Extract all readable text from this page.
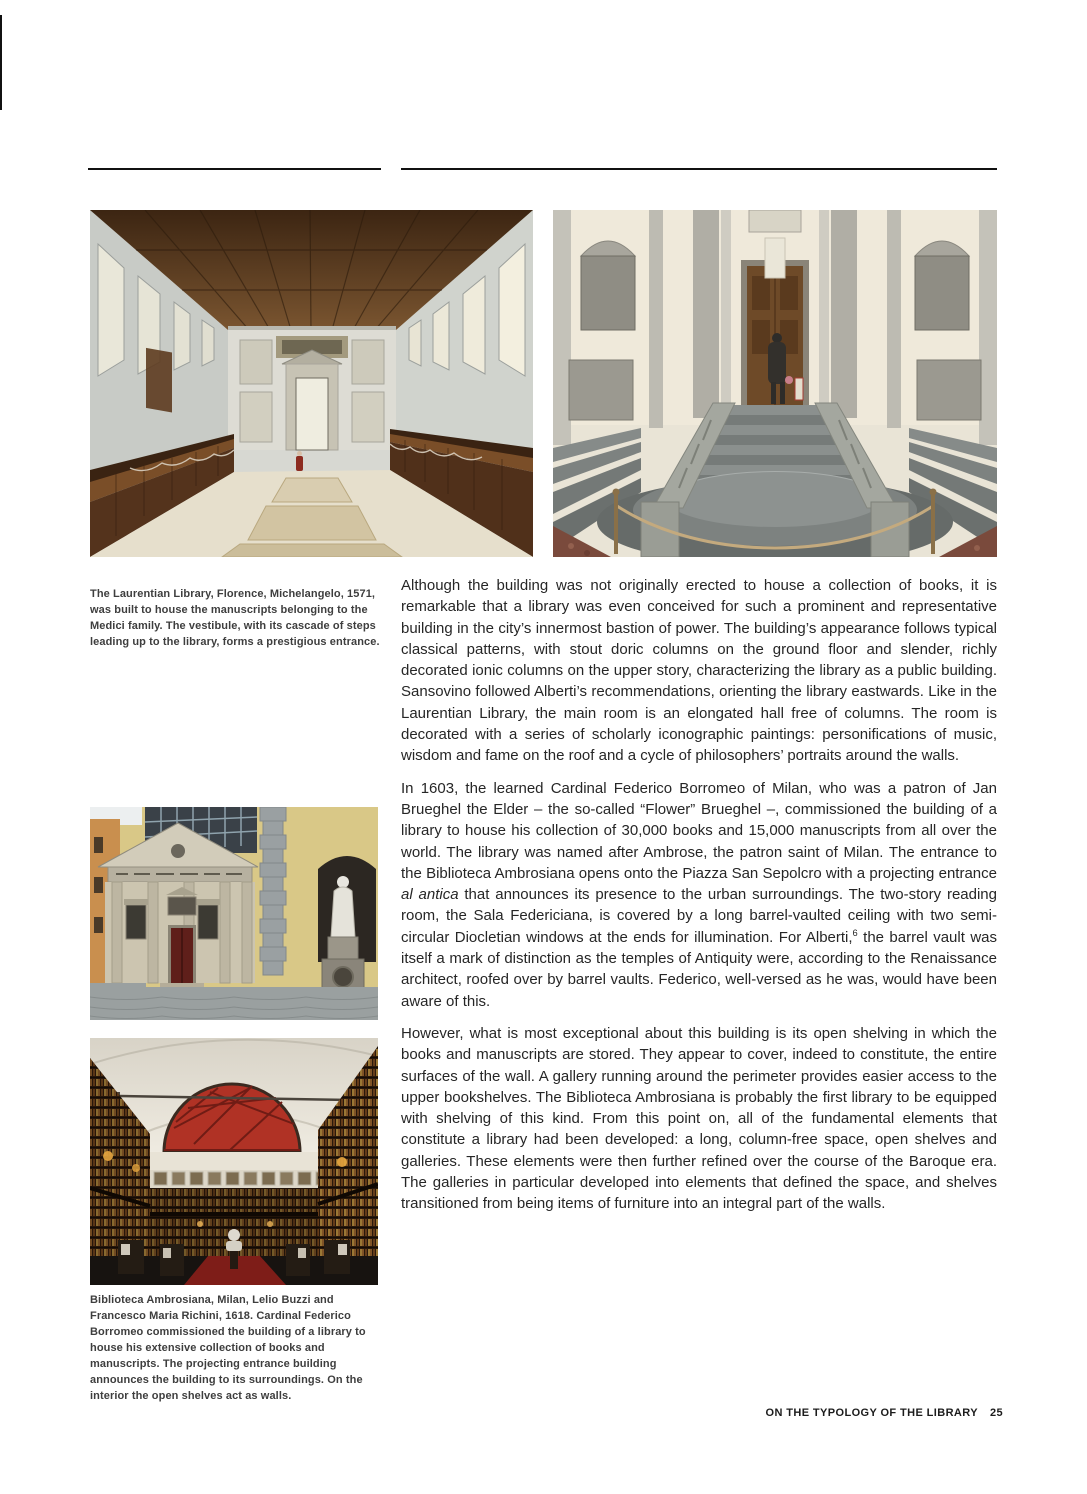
The Laurentian Library, Florence, Michelangelo, 1571, was built to house the manuscripts belonging to the Medici family. The vestibule, with its cascade of steps leading up to the library, forms a prestigious entrance.

Although the building was not originally erected to house a collection of books, it is remarkable that a library was even conceived for such a prominent and representative building in the city’s innermost bastion of power. The building’s appearance follows typical classical patterns, with stout doric columns on the ground floor and slender, richly decorated ionic columns on the upper story, characterizing the library as a public building. Sansovino followed Alberti’s recommendations, orienting the library eastwards. Like in the Laurentian Library, the main room is an elongated hall free of columns. The room is decorated with a series of scholarly iconographic paintings: personifications of music, wisdom and fame on the roof and a cycle of philosophers’ portraits around the walls.

In 1603, the learned Cardinal Federico Borromeo of Milan, who was a patron of Jan Brueghel the Elder – the so-called “Flower” Brueghel –, commissioned the building of a library to house his collection of 30,000 books and 15,000 manuscripts from all over the world. The library was named after Ambrose, the patron saint of Milan. The entrance to the Biblioteca Ambrosiana opens onto the Piazza San Sepolcro with a projecting entrance al antica that announces its presence to the urban surroundings. The two-story reading room, the Sala Federiciana, is covered by a long barrel-vaulted ceiling with two semi-circular Diocletian windows at the ends for illumination. For Alberti,$^6$ the barrel vault was itself a mark of distinction as the temples of Antiquity were, according to the Renaissance architect, roofed over by barrel vaults. Federico, well-versed as he was, would have been aware of this.

However, what is most exceptional about this building is its open shelving in which the books and manuscripts are stored. They appear to cover, indeed to constitute, the entire surfaces of the wall. A gallery running around the perimeter provides easier access to the upper bookshelves. The Biblioteca Ambrosiana is probably the first library to be equipped with shelving of this kind. From this point on, all of the fundamental elements that constitute a library had been developed: a long, column-free space, open shelves and galleries. These elements were then further refined over the course of the Baroque era. The galleries in particular developed into elements that defined the space, and shelves transitioned from being items of furniture into an integral part of the walls.

Biblioteca Ambrosiana, Milan, Lelio Buzzi and Francesco Maria Richini, 1618. Cardinal Federico Borromeo commissioned the building of a library to house his extensive collection of books and manuscripts. The projecting entrance building announces the building to its surroundings. On the interior the open shelves act as walls.
ON THE TYPOLOGY OF THE LIBRARY 25
